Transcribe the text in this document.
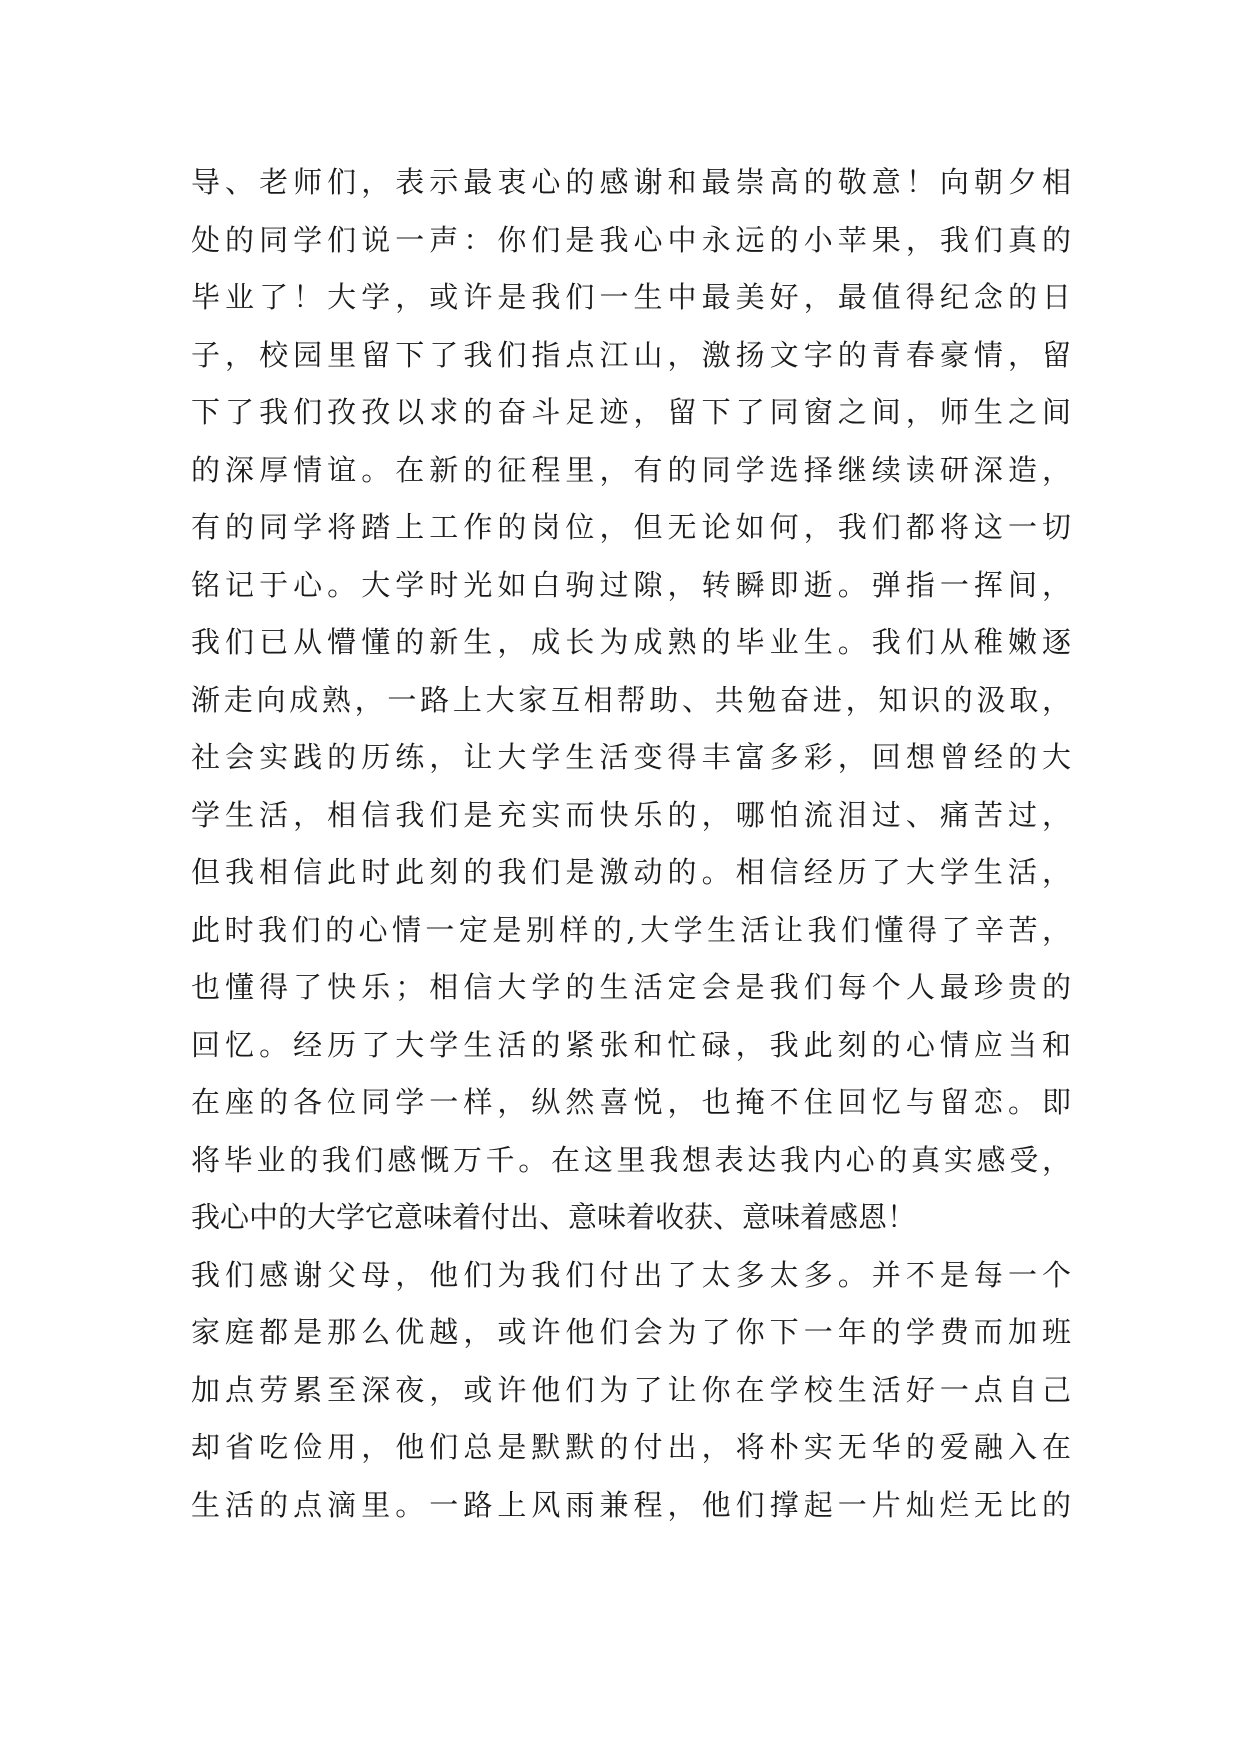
导、老师们，表示最衷心的感谢和最崇高的敬意！向朝夕相
处的同学们说一声：你们是我心中永远的小苹果，我们真的
毕业了！大学，或许是我们一生中最美好，最值得纪念的日
子，校园里留下了我们指点江山，激扬文字的青春豪情，留
下了我们孜孜以求的奋斗足迹，留下了同窗之间，师生之间
的深厚情谊。在新的征程里，有的同学选择继续读研深造，
有的同学将踏上工作的岗位，但无论如何，我们都将这一切
铭记于心。大学时光如白驹过隙，转瞬即逝。弹指一挥间，
我们已从懵懂的新生，成长为成熟的毕业生。我们从稚嫩逐
渐走向成熟，一路上大家互相帮助、共勉奋进，知识的汲取，
社会实践的历练，让大学生活变得丰富多彩，回想曾经的大
学生活，相信我们是充实而快乐的，哪怕流泪过、痛苦过，
但我相信此时此刻的我们是激动的。相信经历了大学生活，
此时我们的心情一定是别样的,大学生活让我们懂得了辛苦，
也懂得了快乐；相信大学的生活定会是我们每个人最珍贵的
回忆。经历了大学生活的紧张和忙碌，我此刻的心情应当和
在座的各位同学一样，纵然喜悦，也掩不住回忆与留恋。即
将毕业的我们感慨万千。在这里我想表达我内心的真实感受，
我心中的大学它意味着付出、意味着收获、意味着感恩！
我们感谢父母，他们为我们付出了太多太多。并不是每一个
家庭都是那么优越，或许他们会为了你下一年的学费而加班
加点劳累至深夜，或许他们为了让你在学校生活好一点自己
却省吃俭用，他们总是默默的付出，将朴实无华的爱融入在
生活的点滴里。一路上风雨兼程，他们撑起一片灿烂无比的
